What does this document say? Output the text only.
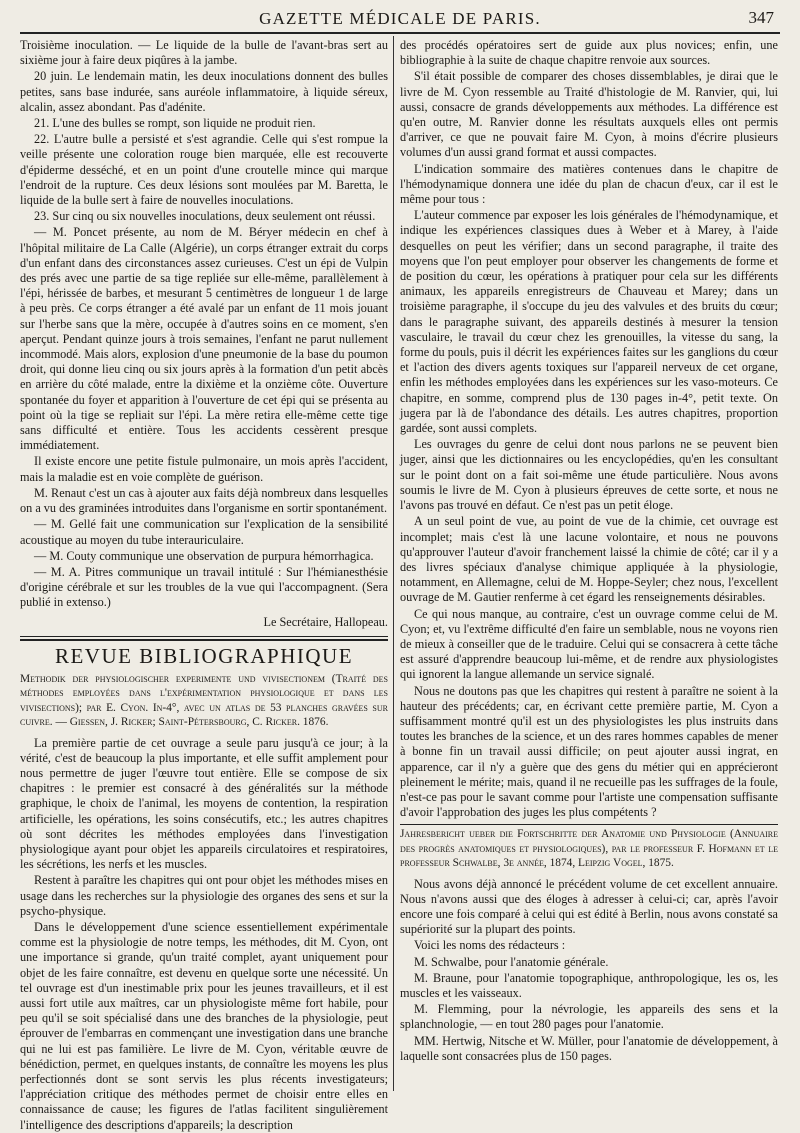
GAZETTE MÉDICALE DE PARIS.	347

Troisième inoculation. — Le liquide de la bulle de l'avant-bras sert au sixième jour à faire deux piqûres à la jambe.

20 juin. Le lendemain matin, les deux inoculations donnent des bulles petites, sans base indurée, sans auréole inflammatoire, à liquide séreux, alcalin, assez abondant. Pas d'adénite.

21. L'une des bulles se rompt, son liquide ne produit rien.

22. L'autre bulle a persisté et s'est agrandie. Celle qui s'est rompue la veille présente une coloration rouge bien marquée, elle est recouverte d'épiderme desséché, et en un point d'une croutelle mince qui marque l'endroit de la rupture. Ces deux lésions sont moulées par M. Baretta, le liquide de la bulle sert à faire de nouvelles inoculations.

23. Sur cinq ou six nouvelles inoculations, deux seulement ont réussi.

— M. Poncet présente, au nom de M. Béryer médecin en chef à l'hôpital militaire de La Calle (Algérie), un corps étranger extrait du corps d'un enfant dans des circonstances assez curieuses. C'est un épi de Vulpin des prés avec une partie de sa tige repliée sur elle-même, parallèlement à l'épi, hérissée de barbes, et mesurant 5 centimètres de longueur 1 de large à peu près. Ce corps étranger a été avalé par un enfant de 11 mois jouant sur l'herbe sans que la mère, occupée à d'autres soins en ce moment, s'en aperçut. Pendant quinze jours à trois semaines, l'enfant ne parut nullement incommodé. Mais alors, explosion d'une pneumonie de la base du poumon droit, qui donne lieu cinq ou six jours après à la formation d'un petit abcès en arrière du côté malade, entre la dixième et la onzième côte. Ouverture spontanée du foyer et apparition à l'ouverture de cet épi qui se présenta au point où la tige se repliait sur l'épi. La mère retira elle-même cette tige sans difficulté et entière. Tous les accidents cessèrent presque immédiatement.

Il existe encore une petite fistule pulmonaire, un mois après l'accident, mais la maladie est en voie complète de guérison.

M. Renaut c'est un cas à ajouter aux faits déjà nombreux dans lesquelles on a vu des graminées introduites dans l'organisme en sortir spontanément.

— M. Gellé fait une communication sur l'explication de la sensibilité acoustique au moyen du tube interauriculaire.

— M. Couty communique une observation de purpura hémorrhagica.

— M. A. Pitres communique un travail intitulé : Sur l'hémianesthésie d'origine cérébrale et sur les troubles de la vue qui l'accompagnent. (Sera publié in extenso.)

Le Secrétaire, Hallopeau.
REVUE BIBLIOGRAPHIQUE

Methodik der physiologischer experimente und vivisectionem (Traité des méthodes employées dans l'expérimentation physiologique et dans les vivisections); par E. Cyon. In-4°, avec un atlas de 53 planches gravées sur cuivre. — Giessen, J. Ricker; Saint-Pétersbourg, C. Ricker. 1876.

La première partie de cet ouvrage a seule paru jusqu'à ce jour; à la vérité, c'est de beaucoup la plus importante, et elle suffit amplement pour nous permettre de juger l'œuvre tout entière. Elle se compose de six chapitres : le premier est consacré à des généralités sur la méthode graphique, le choix de l'animal, les moyens de contention, la respiration artificielle, les opérations, les soins consécutifs, etc.; les autres chapitres où sont décrites les méthodes employées dans l'investigation physiologique ayant pour objet les appareils circulatoires et respiratoires, les sécrétions, les nerfs et les muscles.

Restent à paraître les chapitres qui ont pour objet les méthodes mises en usage dans les recherches sur la physiologie des organes des sens et sur la psycho-physique.

Dans le développement d'une science essentiellement expérimentale comme est la physiologie de notre temps, les méthodes, dit M. Cyon, ont une importance si grande, qu'un traité complet, ayant uniquement pour objet de les faire connaître, est devenu en quelque sorte une nécessité. Un tel ouvrage est d'un inestimable prix pour les jeunes travailleurs, et il est aussi fort utile aux maîtres, car un physiologiste même fort habile, pour peu qu'il se soit spécialisé dans une des branches de la physiologie, peut éprouver de l'embarras en commençant une investigation dans une branche qui ne lui est pas familière. Le livre de M. Cyon, véritable œuvre de bénédiction, permet, en quelques instants, de connaître les moyens les plus perfectionnés dont se sont servis les plus récents investigateurs; l'appréciation critique des méthodes permet de choisir entre elles en connaissance de cause; les figures de l'atlas facilitent singulièrement l'intelligence des descriptions d'appareils; la description

des procédés opératoires sert de guide aux plus novices; enfin, une bibliographie à la suite de chaque chapitre renvoie aux sources.

S'il était possible de comparer des choses dissemblables, je dirai que le livre de M. Cyon ressemble au Traité d'histologie de M. Ranvier, qui, lui aussi, consacre de grands développements aux méthodes. La différence est qu'en outre, M. Ranvier donne les résultats auxquels elles ont permis d'arriver, ce que ne pouvait faire M. Cyon, à moins d'écrire plusieurs volumes d'un aussi grand format et aussi compactes.

L'indication sommaire des matières contenues dans le chapitre de l'hémodynamique donnera une idée du plan de chacun d'eux, car il est le même pour tous :

L'auteur commence par exposer les lois générales de l'hémodynamique, et indique les expériences classiques dues à Weber et à Marey, à l'aide desquelles on peut les vérifier; dans un second paragraphe, il traite des moyens que l'on peut employer pour observer les changements de forme et de position du cœur, les opérations à pratiquer pour cela sur les différents animaux, les appareils enregistreurs de Chauveau et Marey; dans un troisième paragraphe, il s'occupe du jeu des valvules et des bruits du cœur; dans le paragraphe suivant, des appareils destinés à mesurer la tension vasculaire, le travail du cœur chez les grenouilles, la vitesse du sang, la forme du pouls, puis il décrit les expériences faites sur les ganglions du cœur et l'action des divers agents toxiques sur l'appareil nerveux de cet organe, enfin les méthodes employées dans les expériences sur les vaso-moteurs. Ce chapitre, en somme, comprend plus de 130 pages in-4°, petit texte. On jugera par là de l'abondance des détails. Les autres chapitres, proportion gardée, sont aussi complets.

Les ouvrages du genre de celui dont nous parlons ne se peuvent bien juger, ainsi que les dictionnaires ou les encyclopédies, qu'en les consultant sur le point dont on a fait soi-même une étude particulière. Nous avons soumis le livre de M. Cyon à plusieurs épreuves de cette sorte, et nous ne l'avons pas trouvé en défaut. Ce n'est pas un petit éloge.

A un seul point de vue, au point de vue de la chimie, cet ouvrage est incomplet; mais c'est là une lacune volontaire, et nous ne pouvons qu'approuver l'auteur d'avoir franchement laissé la chimie de côté; car il y a des livres spéciaux d'analyse chimique appliquée à la physiologie, notamment, en Allemagne, celui de M. Hoppe-Seyler; chez nous, l'excellent ouvrage de M. Gautier renferme à cet égard les renseignements désirables.

Ce qui nous manque, au contraire, c'est un ouvrage comme celui de M. Cyon; et, vu l'extrême difficulté d'en faire un semblable, nous ne voyons rien de mieux à conseiller que de le traduire. Celui qui se consacrera à cette tâche est assuré d'apprendre beaucoup lui-même, et de rendre aux physiologistes qui ignorent la langue allemande un service signalé.

Nous ne doutons pas que les chapitres qui restent à paraître ne soient à la hauteur des précédents; car, en écrivant cette première partie, M. Cyon a suffisamment montré qu'il est un des physiologistes les plus instruits dans toutes les branches de la science, et un des rares hommes capables de mener à bonne fin un travail aussi difficile; on peut ajouter aussi ingrat, en apparence, car il n'y a guère que des gens du métier qui en apprécieront pleinement le mérite; mais, quand il ne recueille pas les suffrages de la foule, n'est-ce pas pour le savant comme pour l'artiste une compensation suffisante d'avoir l'approbation des juges les plus compétents ?

Jahresbericht ueber die Fortschritte der Anatomie und Physiologie (Annuaire des progrès anatomiques et physiologiques), par le professeur F. Hofmann et le professeur Schwalbe, 3e année, 1874, Leipzig Vogel, 1875.

Nous avons déjà annoncé le précédent volume de cet excellent annuaire. Nous n'avons aussi que des éloges à adresser à celui-ci; car, après l'avoir encore une fois comparé à celui qui est édité à Berlin, nous avons constaté sa supériorité sur la plupart des points.

Voici les noms des rédacteurs :

M. Schwalbe, pour l'anatomie générale.

M. Braune, pour l'anatomie topographique, anthropologique, les os, les muscles et les vaisseaux.

M. Flemming, pour la névrologie, les appareils des sens et la splanchnologie, — en tout 280 pages pour l'anatomie.

MM. Hertwig, Nitsche et W. Müller, pour l'anatomie de développement, à laquelle sont consacrées plus de 150 pages.
